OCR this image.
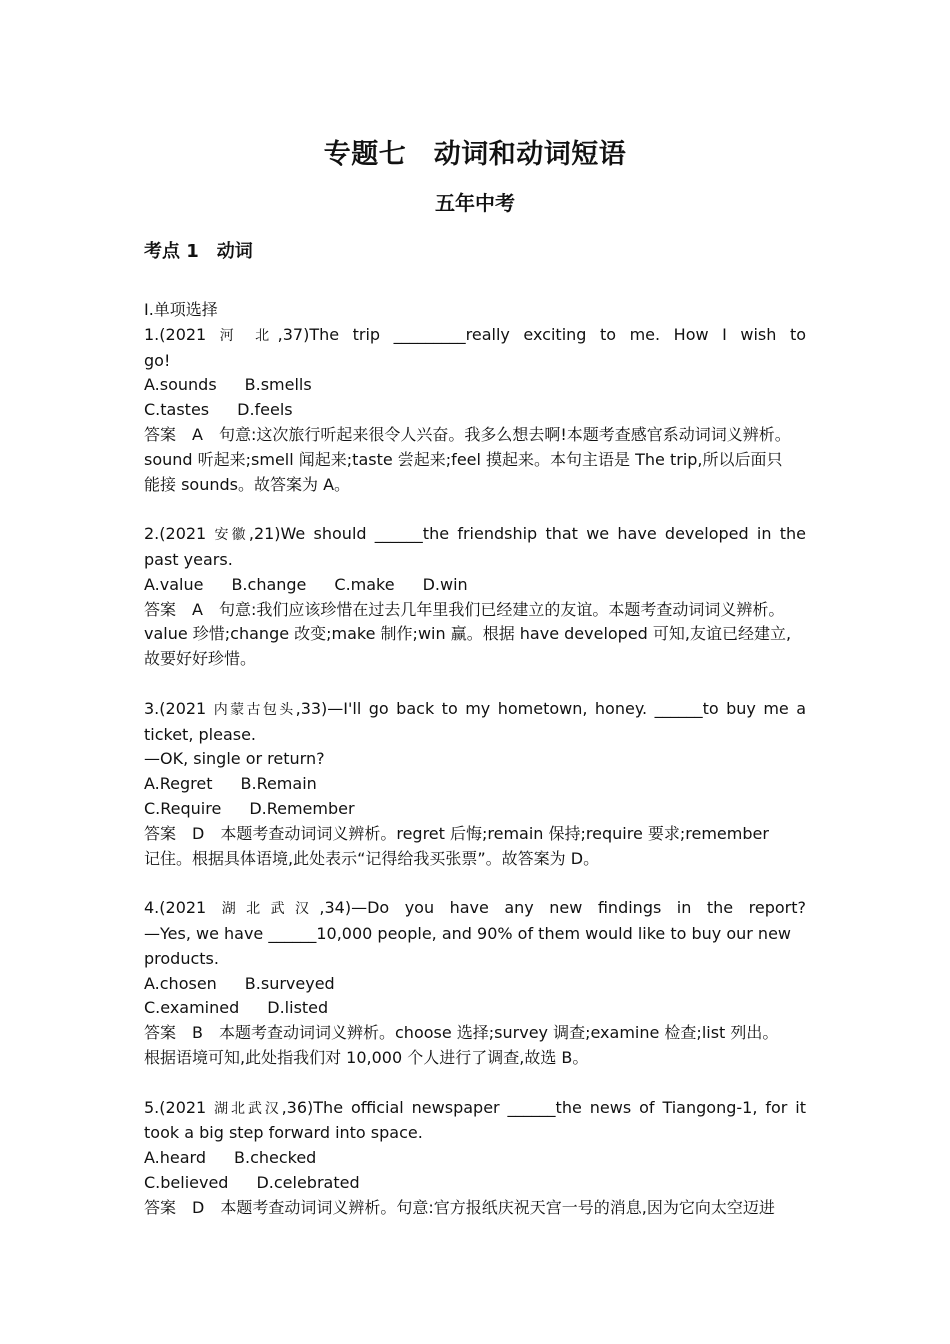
专题七　动词和动词短语
五年中考
考点 1　动词
I.单项选择
1.(2021 河 北,37)The trip _________really exciting to me. How I wish to
go!
A.sounds B.smells
C.tastes D.feels
答案 A 句意:这次旅行听起来很令人兴奋。我多么想去啊!本题考查感官系动词词义辨析。
sound 听起来;smell 闻起来;taste 尝起来;feel 摸起来。本句主语是 The trip,所以后面只
能接 sounds。故答案为 A。
2.(2021 安徽,21)We should ______the friendship that we have developed in the
past years.
A.value B.change C.make D.win
答案 A 句意:我们应该珍惜在过去几年里我们已经建立的友谊。本题考查动词词义辨析。
value 珍惜;change 改变;make 制作;win 赢。根据 have developed 可知,友谊已经建立,
故要好好珍惜。
3.(2021 内蒙古包头,33)—I'll go back to my hometown, honey. ______to buy me a
ticket, please.
—OK, single or return?
A.Regret B.Remain
C.Require D.Remember
答案 D 本题考查动词词义辨析。regret 后悔;remain 保持;require 要求;remember
记住。根据具体语境,此处表示“记得给我买张票”。故答案为 D。
4.(2021 湖北武汉,34)—Do you have any new findings in the report?
—Yes, we have ______10,000 people, and 90% of them would like to buy our new
products.
A.chosen B.surveyed
C.examined D.listed
答案 B 本题考查动词词义辨析。choose 选择;survey 调查;examine 检查;list 列出。
根据语境可知,此处指我们对 10,000 个人进行了调查,故选 B。
5.(2021 湖北武汉,36)The official newspaper ______the news of Tiangong-1, for it
took a big step forward into space.
A.heard B.checked
C.believed D.celebrated
答案 D 本题考查动词词义辨析。句意:官方报纸庆祝天宫一号的消息,因为它向太空迈进
